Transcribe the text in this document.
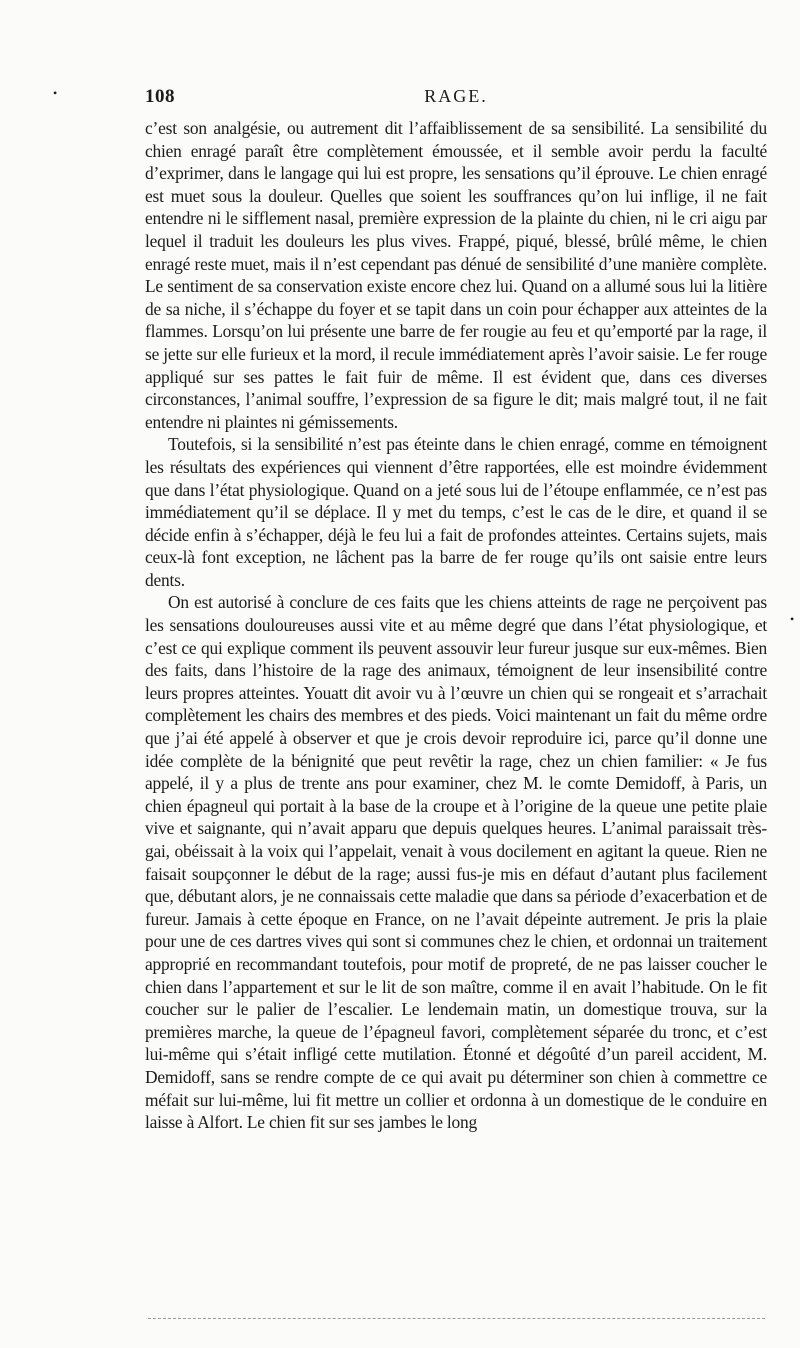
•	108	RAGE.

c’est son analgésie, ou autrement dit l’affaiblissement de sa sensibilité. La sensibilité du chien enragé paraît être complètement émoussée, et il semble avoir perdu la faculté d’exprimer, dans le langage qui lui est propre, les sensations qu’il éprouve. Le chien enragé est muet sous la douleur. Quelles que soient les souffrances qu’on lui inflige, il ne fait entendre ni le sifflement nasal, première expression de la plainte du chien, ni le cri aigu par lequel il traduit les douleurs les plus vives. Frappé, piqué, blessé, brûlé même, le chien enragé reste muet, mais il n’est cependant pas dénué de sensibilité d’une manière complète. Le sentiment de sa conservation existe encore chez lui. Quand on a allumé sous lui la litière de sa niche, il s’échappe du foyer et se tapit dans un coin pour échapper aux atteintes de la flammes. Lorsqu’on lui présente une barre de fer rougie au feu et qu’emporté par la rage, il se jette sur elle furieux et la mord, il recule immédiatement après l’avoir saisie. Le fer rouge appliqué sur ses pattes le fait fuir de même. Il est évident que, dans ces diverses circonstances, l’animal souffre, l’expression de sa figure le dit; mais malgré tout, il ne fait entendre ni plaintes ni gémissements.

Toutefois, si la sensibilité n’est pas éteinte dans le chien enragé, comme en témoignent les résultats des expériences qui viennent d’être rapportées, elle est moindre évidemment que dans l’état physiologique. Quand on a jeté sous lui de l’étoupe enflammée, ce n’est pas immédiatement qu’il se déplace. Il y met du temps, c’est le cas de le dire, et quand il se décide enfin à s’échapper, déjà le feu lui a fait de profondes atteintes. Certains sujets, mais ceux-là font exception, ne lâchent pas la barre de fer rouge qu’ils ont saisie entre leurs dents.

On est autorisé à conclure de ces faits que les chiens atteints de rage ne perçoivent pas les sensations douloureuses aussi vite et au même degré que dans l’état physiologique, et c’est ce qui explique comment ils peuvent assouvir leur fureur jusque sur eux-mêmes. Bien des faits, dans l’histoire de la rage des animaux, témoignent de leur insensibilité contre leurs propres atteintes. Youatt dit avoir vu à l’œuvre un chien qui se rongeait et s’arrachait complètement les chairs des membres et des pieds. Voici maintenant un fait du même ordre que j’ai été appelé à observer et que je crois devoir reproduire ici, parce qu’il donne une idée complète de la bénignité que peut revêtir la rage, chez un chien familier: « Je fus appelé, il y a plus de trente ans pour examiner, chez M. le comte Demidoff, à Paris, un chien épagneul qui portait à la base de la croupe et à l’origine de la queue une petite plaie vive et saignante, qui n’avait apparu que depuis quelques heures. L’animal paraissait très-gai, obéissait à la voix qui l’appelait, venait à vous docilement en agitant la queue. Rien ne faisait soupçonner le début de la rage; aussi fus-je mis en défaut d’autant plus facilement que, débutant alors, je ne connaissais cette maladie que dans sa période d’exacerbation et de fureur. Jamais à cette époque en France, on ne l’avait dépeinte autrement. Je pris la plaie pour une de ces dartres vives qui sont si communes chez le chien, et ordonnai un traitement approprié en recommandant toutefois, pour motif de propreté, de ne pas laisser coucher le chien dans l’appartement et sur le lit de son maître, comme il en avait l’habitude. On le fit coucher sur le palier de l’escalier. Le lendemain matin, un domestique trouva, sur la premières marche, la queue de l’épagneul favori, complètement séparée du tronc, et c’est lui-même qui s’était infligé cette mutilation. Étonné et dégoûté d’un pareil accident, M. Demidoff, sans se rendre compte de ce qui avait pu déterminer son chien à commettre ce méfait sur lui-même, lui fit mettre un collier et ordonna à un domestique de le conduire en laisse à Alfort. Le chien fit sur ses jambes le long

•
